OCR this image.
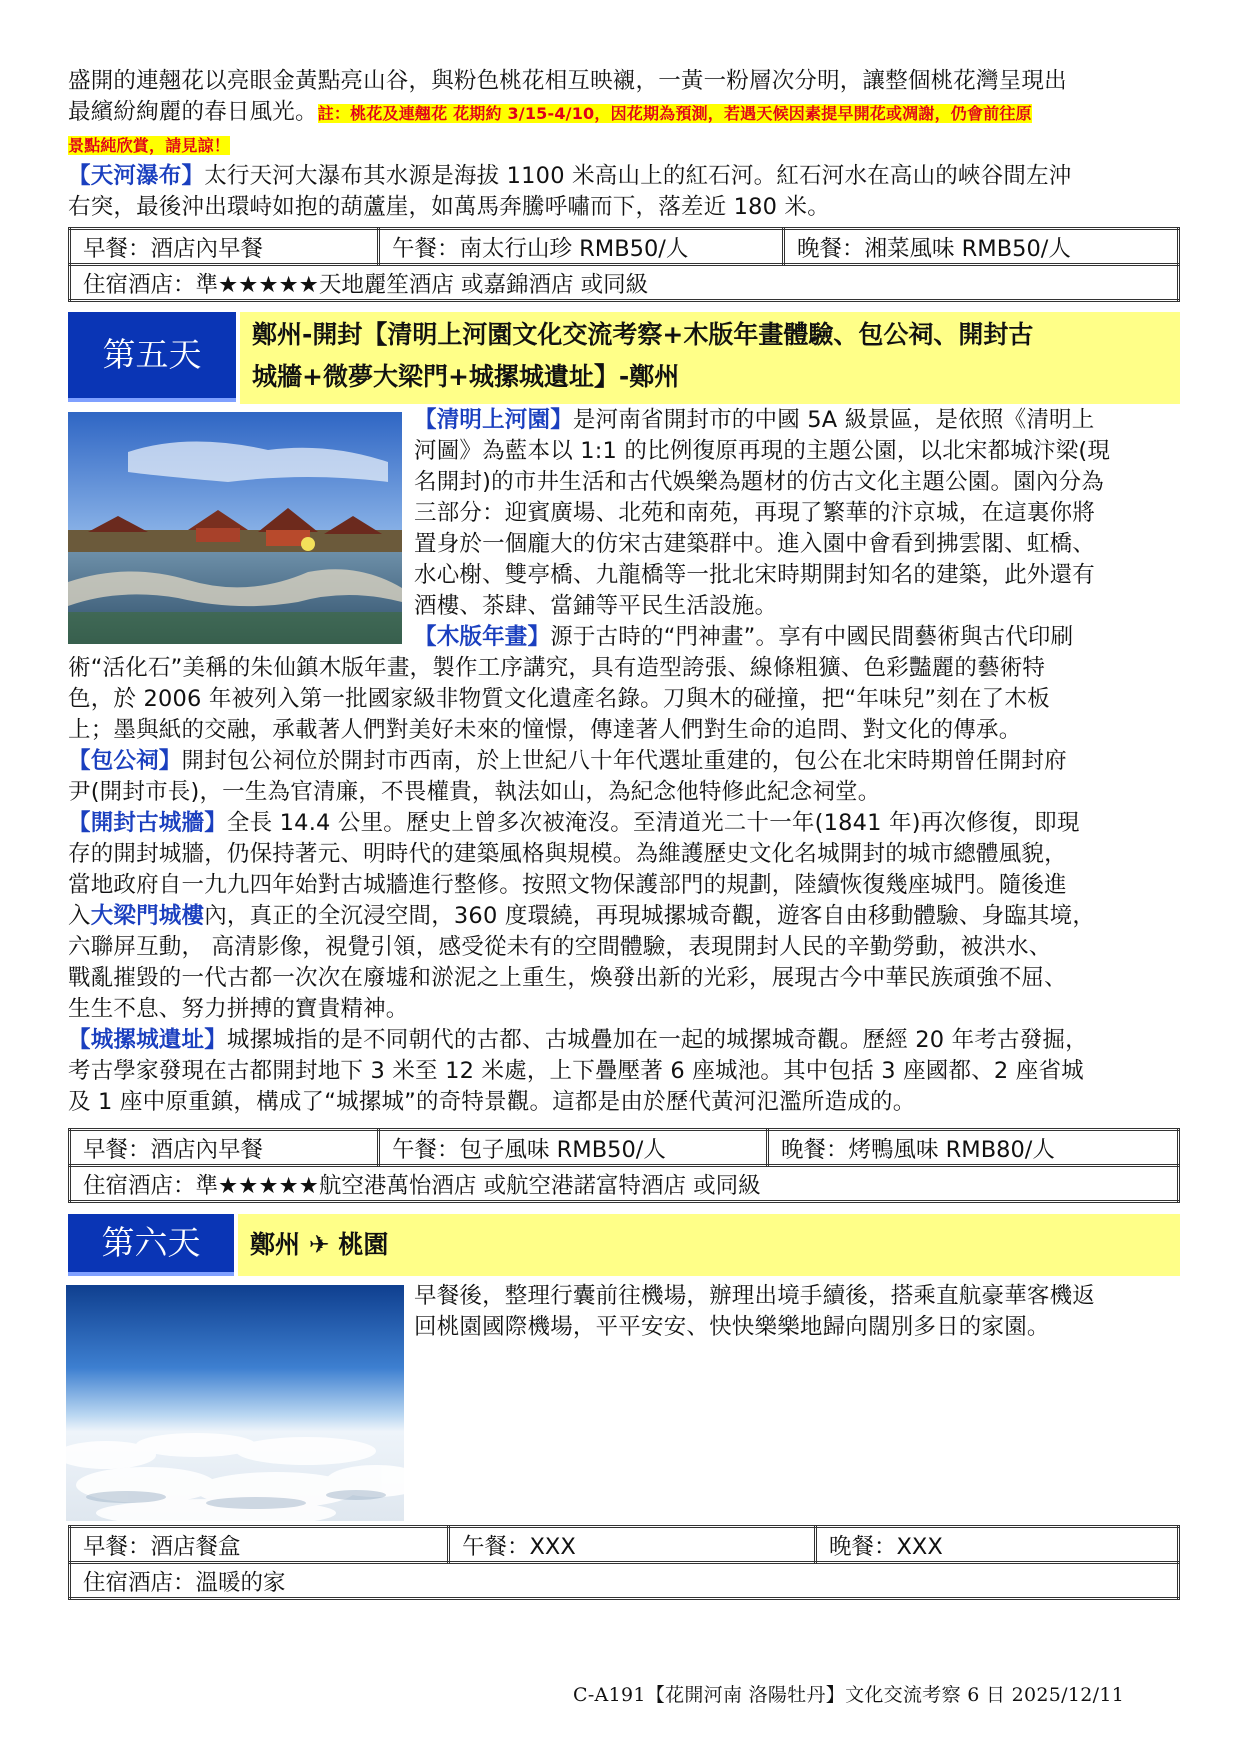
盛開的連翹花以亮眼金黃點亮山谷，與粉色桃花相互映襯，一黃一粉層次分明，讓整個桃花灣呈現出
最繽紛絢麗的春日風光。註：桃花及連翹花 花期約 3/15-4/10，因花期為預測，若遇天候因素提早開花或凋謝，仍會前往原
景點純欣賞，請見諒！
【天河瀑布】太行天河大瀑布其水源是海拔 1100 米高山上的紅石河。紅石河水在高山的峽谷間左沖
右突，最後沖出環峙如抱的葫蘆崖，如萬馬奔騰呼嘯而下，落差近 180 米。
早餐：酒店內早餐	午餐：南太行山珍 RMB50/人	晚餐：湘菜風味 RMB50/人
住宿酒店：準★★★★★天地麗笙酒店 或嘉錦酒店 或同級
第五天
鄭州-開封【清明上河園文化交流考察+木版年畫體驗、包公祠、開封古
城牆+微夢大梁門+城摞城遺址】-鄭州
【清明上河園】是河南省開封市的中國 5A 級景區，是依照《清明上
河圖》為藍本以 1:1 的比例復原再現的主題公園，以北宋都城汴梁(現
名開封)的市井生活和古代娛樂為題材的仿古文化主題公園。園內分為
三部分：迎賓廣場、北苑和南苑，再現了繁華的汴京城，在這裏你將
置身於一個龐大的仿宋古建築群中。進入園中會看到拂雲閣、虹橋、
水心榭、雙亭橋、九龍橋等一批北宋時期開封知名的建築，此外還有
酒樓、茶肆、當鋪等平民生活設施。
【木版年畫】源于古時的“門神畫”。享有中國民間藝術與古代印刷
術“活化石”美稱的朱仙鎮木版年畫，製作工序講究，具有造型誇張、線條粗獷、色彩豔麗的藝術特
色，於 2006 年被列入第一批國家級非物質文化遺產名錄。刀與木的碰撞，把“年味兒”刻在了木板
上；墨與紙的交融，承載著人們對美好未來的憧憬，傳達著人們對生命的追問、對文化的傳承。
【包公祠】開封包公祠位於開封市西南，於上世紀八十年代選址重建的，包公在北宋時期曾任開封府
尹(開封市長)，一生為官清廉，不畏權貴，執法如山，為紀念他特修此紀念祠堂。
【開封古城牆】全長 14.4 公里。歷史上曾多次被淹沒。至清道光二十一年(1841 年)再次修復，即現
存的開封城牆，仍保持著元、明時代的建築風格與規模。為維護歷史文化名城開封的城市總體風貌，
當地政府自一九九四年始對古城牆進行整修。按照文物保護部門的規劃，陸續恢復幾座城門。隨後進
入大梁門城樓內，真正的全沉浸空間，360 度環繞，再現城摞城奇觀，遊客自由移動體驗、身臨其境，
六聯屏互動， 高清影像，視覺引領，感受從未有的空間體驗，表現開封人民的辛勤勞動，被洪水、
戰亂摧毀的一代古都一次次在廢墟和淤泥之上重生，煥發出新的光彩，展現古今中華民族頑強不屈、
生生不息、努力拼搏的寶貴精神。
【城摞城遺址】城摞城指的是不同朝代的古都、古城疊加在一起的城摞城奇觀。歷經 20 年考古發掘，
考古學家發現在古都開封地下 3 米至 12 米處，上下疊壓著 6 座城池。其中包括 3 座國都、2 座省城
及 1 座中原重鎮，構成了“城摞城”的奇特景觀。這都是由於歷代黃河氾濫所造成的。
早餐：酒店內早餐	午餐：包子風味 RMB50/人	晚餐：烤鴨風味 RMB80/人
住宿酒店：準★★★★★航空港萬怡酒店 或航空港諾富特酒店 或同級
第六天	鄭州 ✈ 桃園
早餐後，整理行囊前往機場，辦理出境手續後，搭乘直航豪華客機返
回桃園國際機場，平平安安、快快樂樂地歸向闊別多日的家園。
早餐：酒店餐盒	午餐：XXX	晚餐：XXX
住宿酒店：溫暖的家
C-A191【花開河南 洛陽牡丹】文化交流考察 6 日 2025/12/11
